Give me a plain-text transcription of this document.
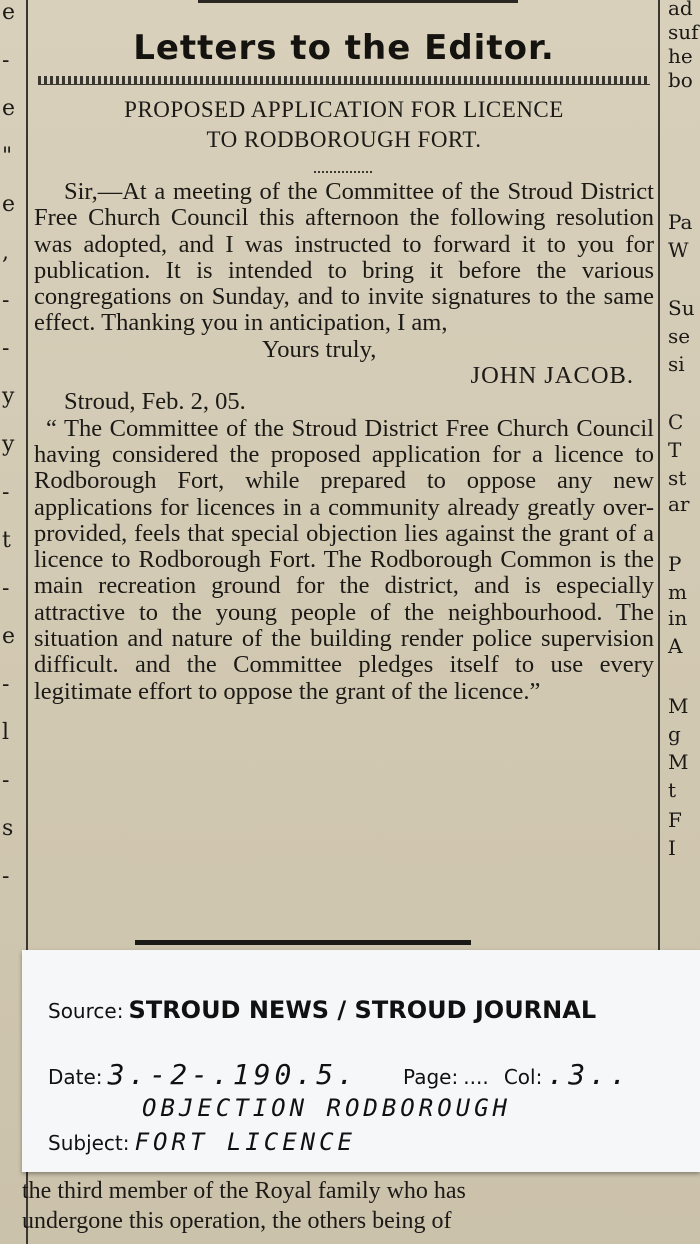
e
-
e
"
e
,
-
-
y
y
-
t
-
e
-
l
-
s
-
ad
suf
he
bo
Pa
W
Su
se
si
C
T
st
ar
P
m
in
A
M
g
M
t
F
I
Letters to the Editor.
PROPOSED APPLICATION FOR LICENCE
TO RODBOROUGH FORT.

Sir,—At a meeting of the Committee of the Stroud District Free Church Council this afternoon the following resolution was adopted, and I was instructed to forward it to you for publication. It is intended to bring it before the various congregations on Sunday, and to invite signatures to the same effect. Thanking you in anticipation, I am,

Yours truly,

JOHN JACOB.

Stroud, Feb. 2, 05.

“ The Committee of the Stroud District Free Church Council having considered the proposed application for a licence to Rodborough Fort, while prepared to oppose any new applications for licences in a community already greatly over-provided, feels that special objection lies against the grant of a licence to Rodborough Fort. The Rodborough Common is the main recreation ground for the district, and is especially attractive to the young people of the neighbourhood. The situation and nature of the building render police supervision difficult. and the Committee pledges itself to use every legitimate effort to oppose the grant of the licence.”

Source: STROUD NEWS / STROUD JOURNAL
Date: 3.-2-.190.5. Page: .... Col: .3..
OBJECTION RODBOROUGH
Subject: FORT LICENCE
the third member of the Royal family who has
undergone this operation, the others being of
